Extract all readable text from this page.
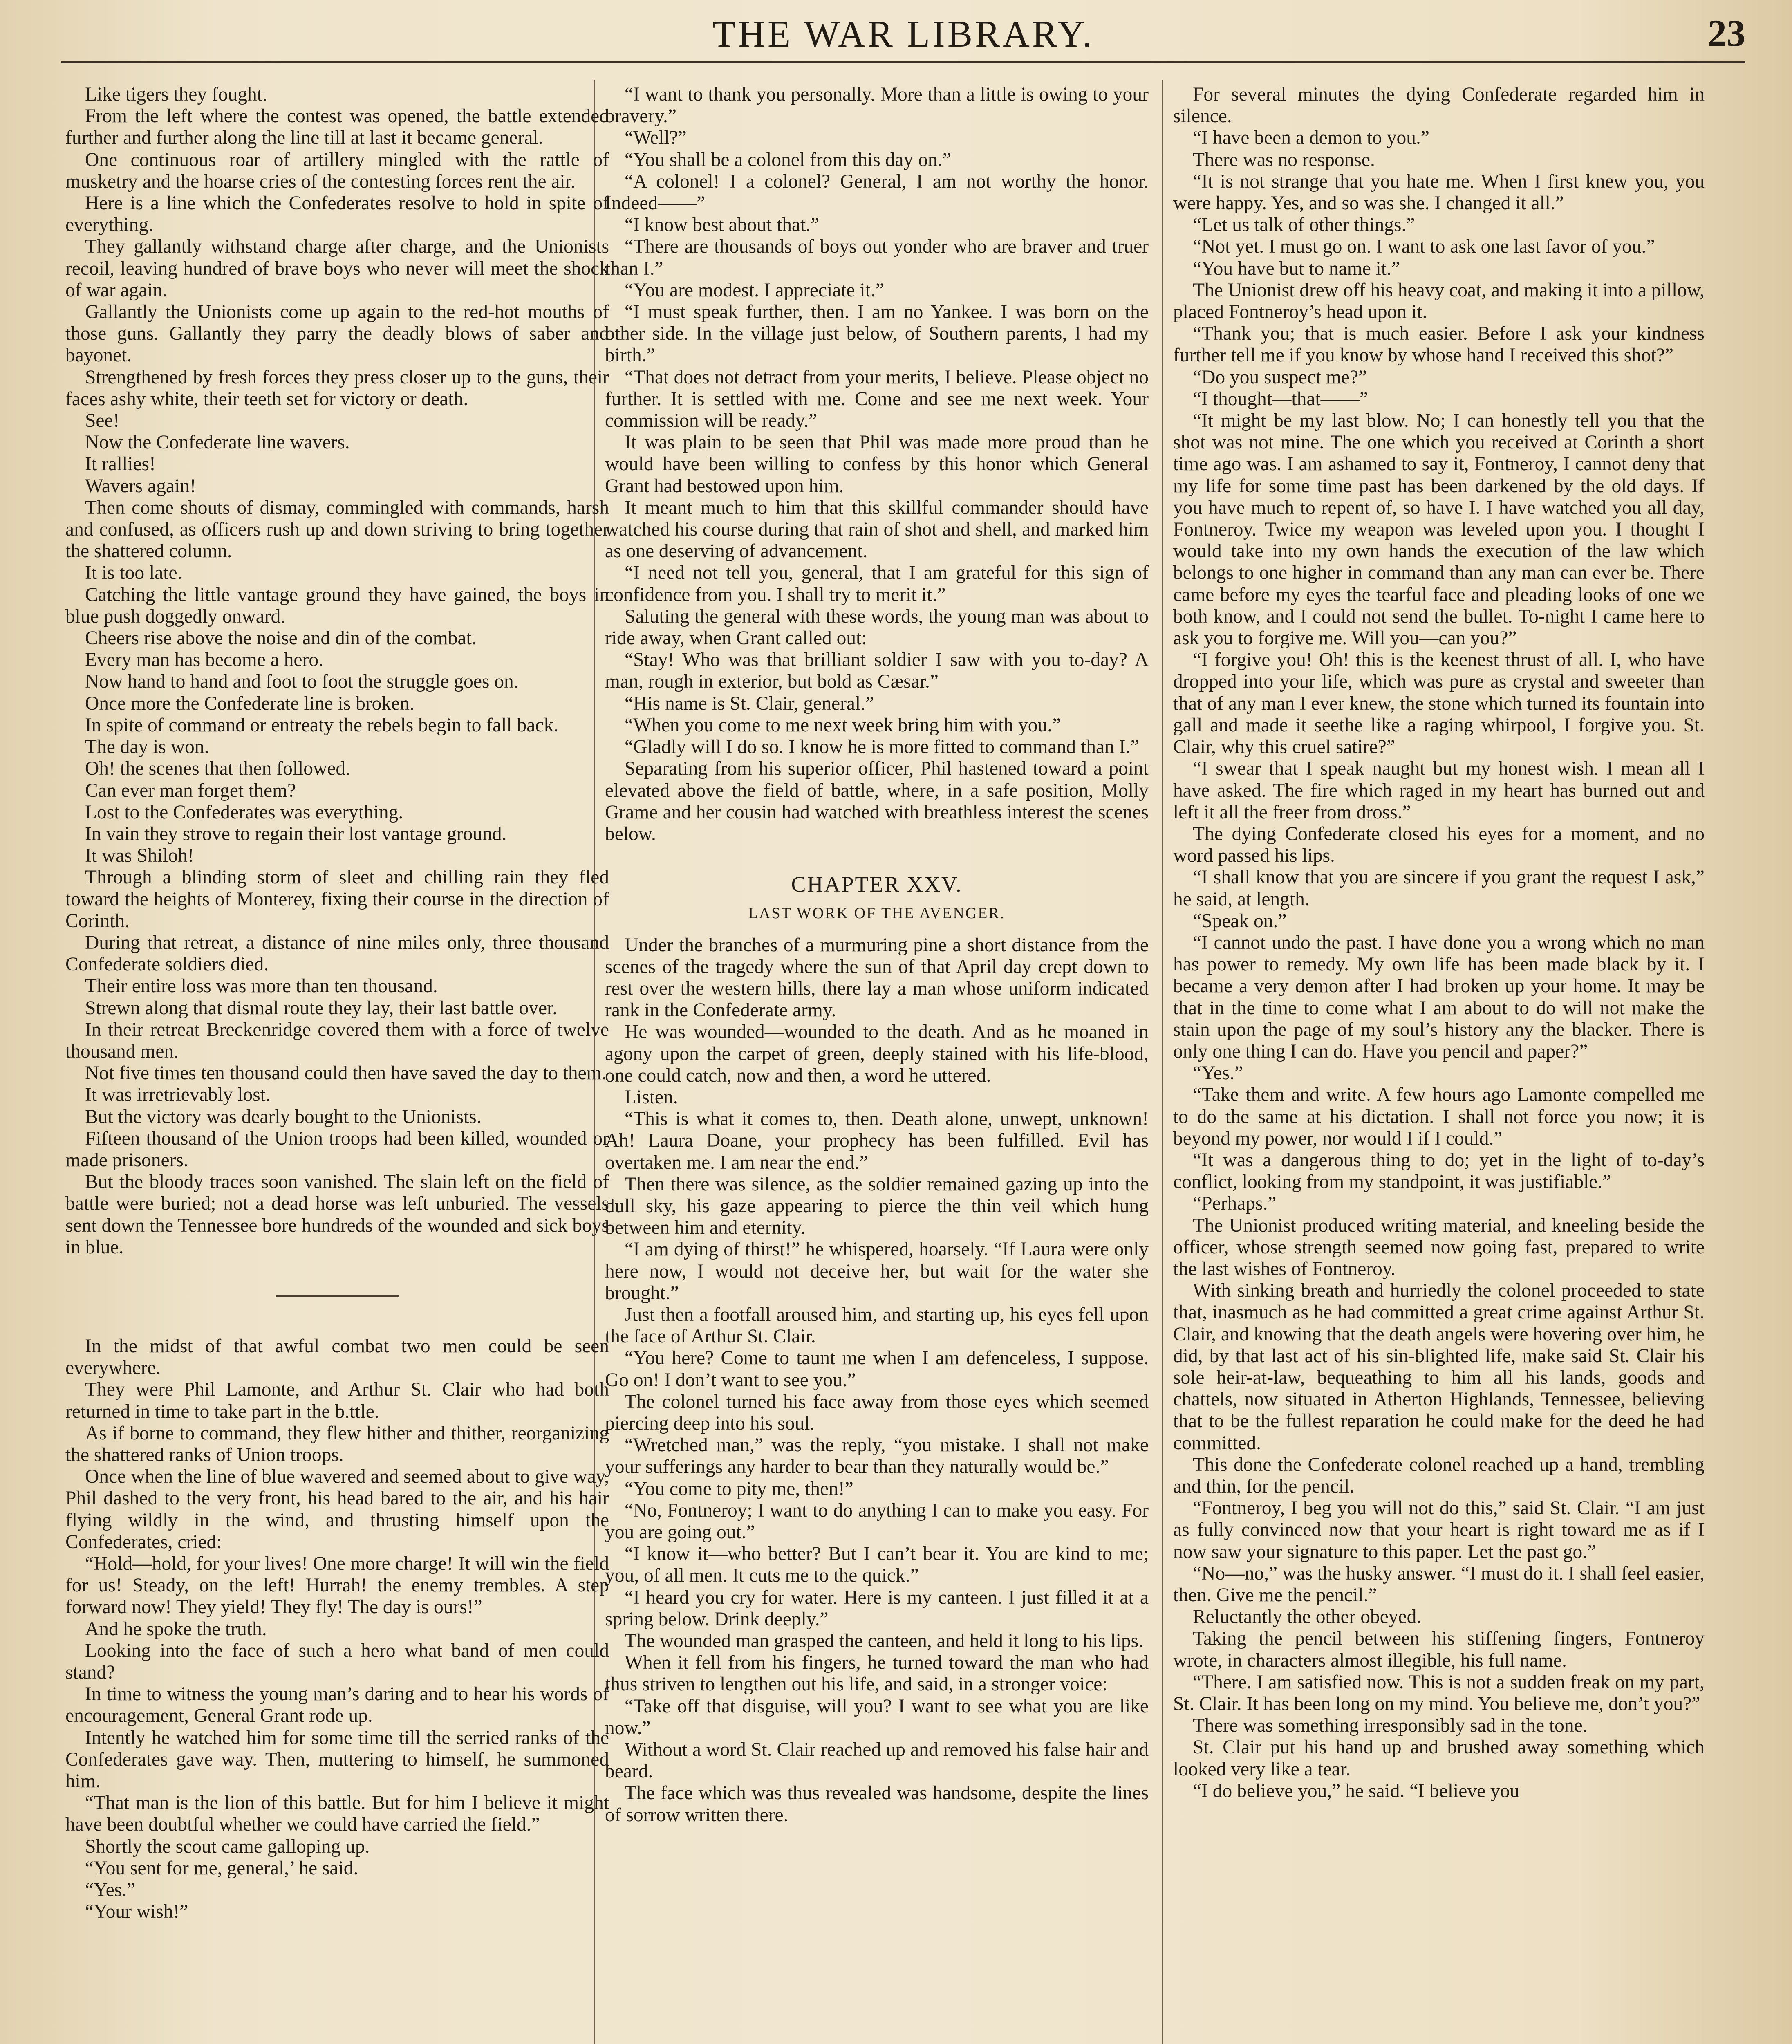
THE WAR LIBRARY.	23

Like tigers they fought.

From the left where the contest was opened, the battle extended further and further along the line till at last it became general.

One continuous roar of artillery mingled with the rattle of musketry and the hoarse cries of the contesting forces rent the air.

Here is a line which the Confederates resolve to hold in spite of everything.

They gallantly withstand charge after charge, and the Unionists recoil, leaving hundred of brave boys who never will meet the shock of war again.

Gallantly the Unionists come up again to the red-hot mouths of those guns. Gallantly they parry the deadly blows of saber and bayonet.

Strengthened by fresh forces they press closer up to the guns, their faces ashy white, their teeth set for victory or death.

See!

Now the Confederate line wavers.

It rallies!

Wavers again!

Then come shouts of dismay, commingled with commands, harsh and confused, as officers rush up and down striving to bring together the shattered column.

It is too late.

Catching the little vantage ground they have gained, the boys in blue push doggedly onward.

Cheers rise above the noise and din of the combat.

Every man has become a hero.

Now hand to hand and foot to foot the struggle goes on.

Once more the Confederate line is broken.

In spite of command or entreaty the rebels begin to fall back.

The day is won.

Oh! the scenes that then followed.

Can ever man forget them?

Lost to the Confederates was everything.

In vain they strove to regain their lost vantage ground.

It was Shiloh!

Through a blinding storm of sleet and chilling rain they fled toward the heights of Monterey, fixing their course in the direction of Corinth.

During that retreat, a distance of nine miles only, three thousand Confederate soldiers died.

Their entire loss was more than ten thousand.

Strewn along that dismal route they lay, their last battle over.

In their retreat Breckenridge covered them with a force of twelve thousand men.

Not five times ten thousand could then have saved the day to them.

It was irretrievably lost.

But the victory was dearly bought to the Unionists.

Fifteen thousand of the Union troops had been killed, wounded or made prisoners.

But the bloody traces soon vanished. The slain left on the field of battle were buried; not a dead horse was left unburied. The vessels sent down the Tennessee bore hundreds of the wounded and sick boys in blue.

In the midst of that awful combat two men could be seen everywhere.

They were Phil Lamonte, and Arthur St. Clair who had both returned in time to take part in the b.ttle.

As if borne to command, they flew hither and thither, reorganizing the shattered ranks of Union troops.

Once when the line of blue wavered and seemed about to give way, Phil dashed to the very front, his head bared to the air, and his hair flying wildly in the wind, and thrusting himself upon the Confederates, cried:

“Hold—hold, for your lives! One more charge! It will win the field for us! Steady, on the left! Hurrah! the enemy trembles. A step forward now! They yield! They fly! The day is ours!”

And he spoke the truth.

Looking into the face of such a hero what band of men could stand?

In time to witness the young man’s daring and to hear his words of encouragement, General Grant rode up.

Intently he watched him for some time till the serried ranks of the Confederates gave way. Then, muttering to himself, he summoned him.

“That man is the lion of this battle. But for him I believe it might have been doubtful whether we could have carried the field.”

Shortly the scout came galloping up.

“You sent for me, general,’ he said.

“Yes.”

“Your wish!”

“I want to thank you personally. More than a little is owing to your bravery.”

“Well?”

“You shall be a colonel from this day on.”

“A colonel! I a colonel? General, I am not worthy the honor. Indeed——”

“I know best about that.”

“There are thousands of boys out yonder who are braver and truer than I.”

“You are modest. I appreciate it.”

“I must speak further, then. I am no Yankee. I was born on the other side. In the village just below, of Southern parents, I had my birth.”

“That does not detract from your merits, I believe. Please object no further. It is settled with me. Come and see me next week. Your commission will be ready.”

It was plain to be seen that Phil was made more proud than he would have been willing to confess by this honor which General Grant had bestowed upon him.

It meant much to him that this skillful commander should have watched his course during that rain of shot and shell, and marked him as one deserving of advancement.

“I need not tell you, general, that I am grateful for this sign of confidence from you. I shall try to merit it.”

Saluting the general with these words, the young man was about to ride away, when Grant called out:

“Stay! Who was that brilliant soldier I saw with you to-day? A man, rough in exterior, but bold as Cæsar.”

“His name is St. Clair, general.”

“When you come to me next week bring him with you.”

“Gladly will I do so. I know he is more fitted to command than I.”

Separating from his superior officer, Phil hastened toward a point elevated above the field of battle, where, in a safe position, Molly Grame and her cousin had watched with breathless interest the scenes below.

CHAPTER XXV.
LAST WORK OF THE AVENGER.

Under the branches of a murmuring pine a short distance from the scenes of the tragedy where the sun of that April day crept down to rest over the western hills, there lay a man whose uniform indicated rank in the Confederate army.

He was wounded—wounded to the death. And as he moaned in agony upon the carpet of green, deeply stained with his life-blood, one could catch, now and then, a word he uttered.

Listen.

“This is what it comes to, then. Death alone, unwept, unknown! Ah! Laura Doane, your prophecy has been fulfilled. Evil has overtaken me. I am near the end.”

Then there was silence, as the soldier remained gazing up into the dull sky, his gaze appearing to pierce the thin veil which hung between him and eternity.

“I am dying of thirst!” he whispered, hoarsely. “If Laura were only here now, I would not deceive her, but wait for the water she brought.”

Just then a footfall aroused him, and starting up, his eyes fell upon the face of Arthur St. Clair.

“You here? Come to taunt me when I am defenceless, I suppose. Go on! I don’t want to see you.”

The colonel turned his face away from those eyes which seemed piercing deep into his soul.

“Wretched man,” was the reply, “you mistake. I shall not make your sufferings any harder to bear than they naturally would be.”

“You come to pity me, then!”

“No, Fontneroy; I want to do anything I can to make you easy. For you are going out.”

“I know it—who better? But I can’t bear it. You are kind to me; you, of all men. It cuts me to the quick.”

“I heard you cry for water. Here is my canteen. I just filled it at a spring below. Drink deeply.”

The wounded man grasped the canteen, and held it long to his lips.

When it fell from his fingers, he turned toward the man who had thus striven to lengthen out his life, and said, in a stronger voice:

“Take off that disguise, will you? I want to see what you are like now.”

Without a word St. Clair reached up and removed his false hair and beard.

The face which was thus revealed was handsome, despite the lines of sorrow written there.

For several minutes the dying Confederate regarded him in silence.

“I have been a demon to you.”

There was no response.

“It is not strange that you hate me. When I first knew you, you were happy. Yes, and so was she. I changed it all.”

“Let us talk of other things.”

“Not yet. I must go on. I want to ask one last favor of you.”

“You have but to name it.”

The Unionist drew off his heavy coat, and making it into a pillow, placed Fontneroy’s head upon it.

“Thank you; that is much easier. Before I ask your kindness further tell me if you know by whose hand I received this shot?”

“Do you suspect me?”

“I thought—that——”

“It might be my last blow. No; I can honestly tell you that the shot was not mine. The one which you received at Corinth a short time ago was. I am ashamed to say it, Fontneroy, I cannot deny that my life for some time past has been darkened by the old days. If you have much to repent of, so have I. I have watched you all day, Fontneroy. Twice my weapon was leveled upon you. I thought I would take into my own hands the execution of the law which belongs to one higher in command than any man can ever be. There came before my eyes the tearful face and pleading looks of one we both know, and I could not send the bullet. To-night I came here to ask you to forgive me. Will you—can you?”

“I forgive you! Oh! this is the keenest thrust of all. I, who have dropped into your life, which was pure as crystal and sweeter than that of any man I ever knew, the stone which turned its fountain into gall and made it seethe like a raging whirpool, I forgive you. St. Clair, why this cruel satire?”

“I swear that I speak naught but my honest wish. I mean all I have asked. The fire which raged in my heart has burned out and left it all the freer from dross.”

The dying Confederate closed his eyes for a moment, and no word passed his lips.

“I shall know that you are sincere if you grant the request I ask,” he said, at length.

“Speak on.”

“I cannot undo the past. I have done you a wrong which no man has power to remedy. My own life has been made black by it. I became a very demon after I had broken up your home. It may be that in the time to come what I am about to do will not make the stain upon the page of my soul’s history any the blacker. There is only one thing I can do. Have you pencil and paper?”

“Yes.”

“Take them and write. A few hours ago Lamonte compelled me to do the same at his dictation. I shall not force you now; it is beyond my power, nor would I if I could.”

“It was a dangerous thing to do; yet in the light of to-day’s conflict, looking from my standpoint, it was justifiable.”

“Perhaps.”

The Unionist produced writing material, and kneeling beside the officer, whose strength seemed now going fast, prepared to write the last wishes of Fontneroy.

With sinking breath and hurriedly the colonel proceeded to state that, inasmuch as he had committed a great crime against Arthur St. Clair, and knowing that the death angels were hovering over him, he did, by that last act of his sin-blighted life, make said St. Clair his sole heir-at-law, bequeathing to him all his lands, goods and chattels, now situated in Atherton Highlands, Tennessee, believing that to be the fullest reparation he could make for the deed he had committed.

This done the Confederate colonel reached up a hand, trembling and thin, for the pencil.

“Fontneroy, I beg you will not do this,” said St. Clair. “I am just as fully convinced now that your heart is right toward me as if I now saw your signature to this paper. Let the past go.”

“No—no,” was the husky answer. “I must do it. I shall feel easier, then. Give me the pencil.”

Reluctantly the other obeyed.

Taking the pencil between his stiffening fingers, Fontneroy wrote, in characters almost illegible, his full name.

“There. I am satisfied now. This is not a sudden freak on my part, St. Clair. It has been long on my mind. You believe me, don’t you?”

There was something irresponsibly sad in the tone.

St. Clair put his hand up and brushed away something which looked very like a tear.

“I do believe you,” he said. “I believe you
